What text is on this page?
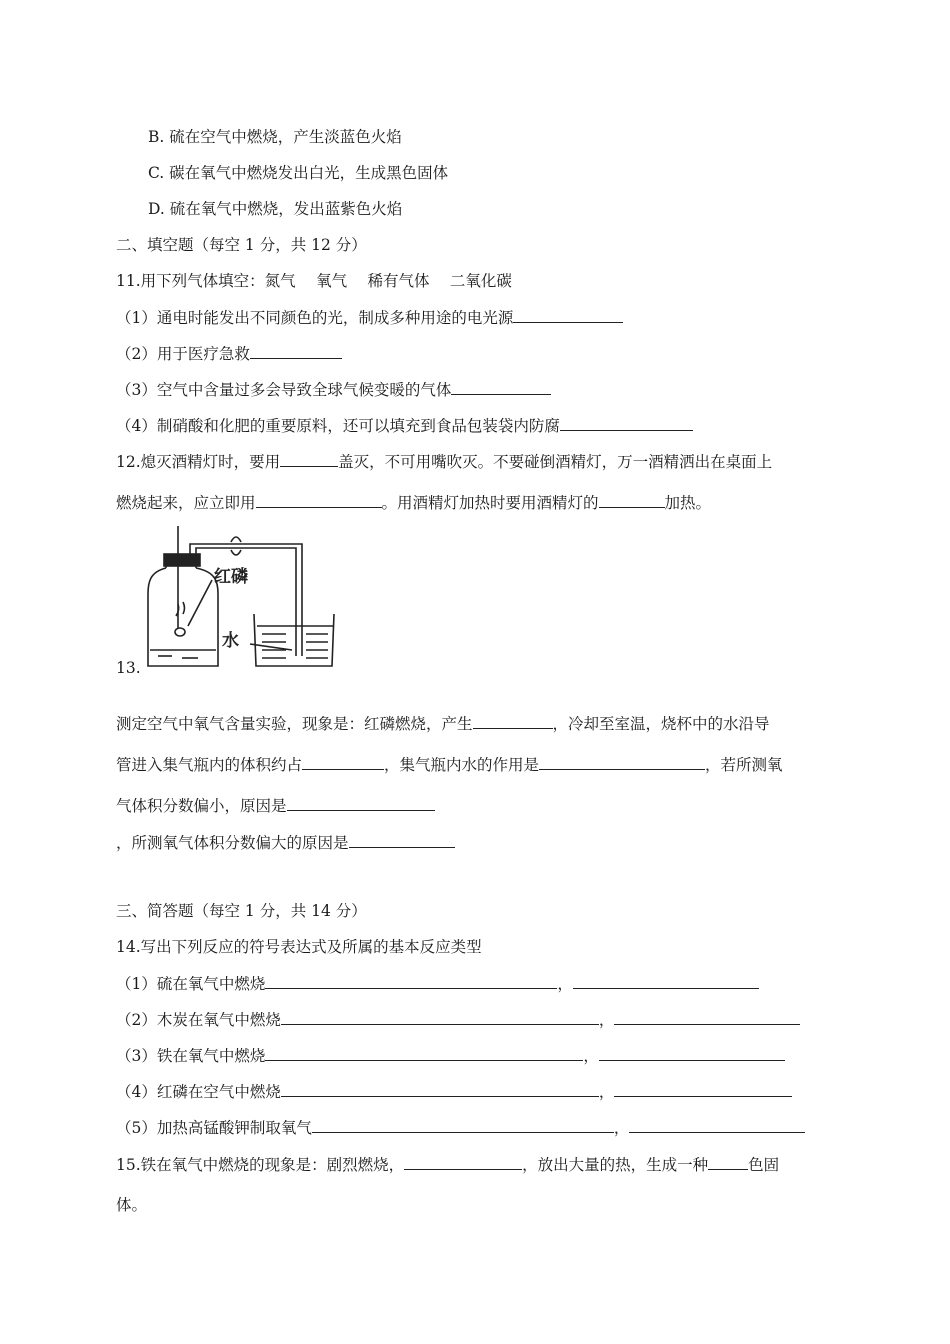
B. 硫在空气中燃烧，产生淡蓝色火焰
C. 碳在氧气中燃烧发出白光，生成黑色固体
D. 硫在氧气中燃烧，发出蓝紫色火焰
二、填空题（每空 1 分，共 12 分）
11.用下列气体填空：氮气 　氧气 　稀有气体 　二氧化碳
（1）通电时能发出不同颜色的光，制成多种用途的电光源
（2）用于医疗急救
（3）空气中含量过多会导致全球气候变暖的气体
（4）制硝酸和化肥的重要原料，还可以填充到食品包装袋内防腐
12.熄灭酒精灯时，要用	盖灭，不可用嘴吹灭。不要碰倒酒精灯，万一酒精洒出在桌面上
燃烧起来，应立即用	。用酒精灯加热时要用酒精灯的	加热。
13.
红磷
水
测定空气中氧气含量实验，现象是：红磷燃烧，产生	，冷却至室温，烧杯中的水沿导
管进入集气瓶内的体积约占	，集气瓶内水的作用是	，若所测氧
气体积分数偏小，原因是
，所测氧气体积分数偏大的原因是
三、简答题（每空 1 分，共 14 分）
14.写出下列反应的符号表达式及所属的基本反应类型
（1）硫在氧气中燃烧	，
（2）木炭在氧气中燃烧	，
（3）铁在氧气中燃烧	，
（4）红磷在空气中燃烧	，
（5）加热高锰酸钾制取氧气	，
15.铁在氧气中燃烧的现象是：剧烈燃烧，	，放出大量的热，生成一种	色固
体。
